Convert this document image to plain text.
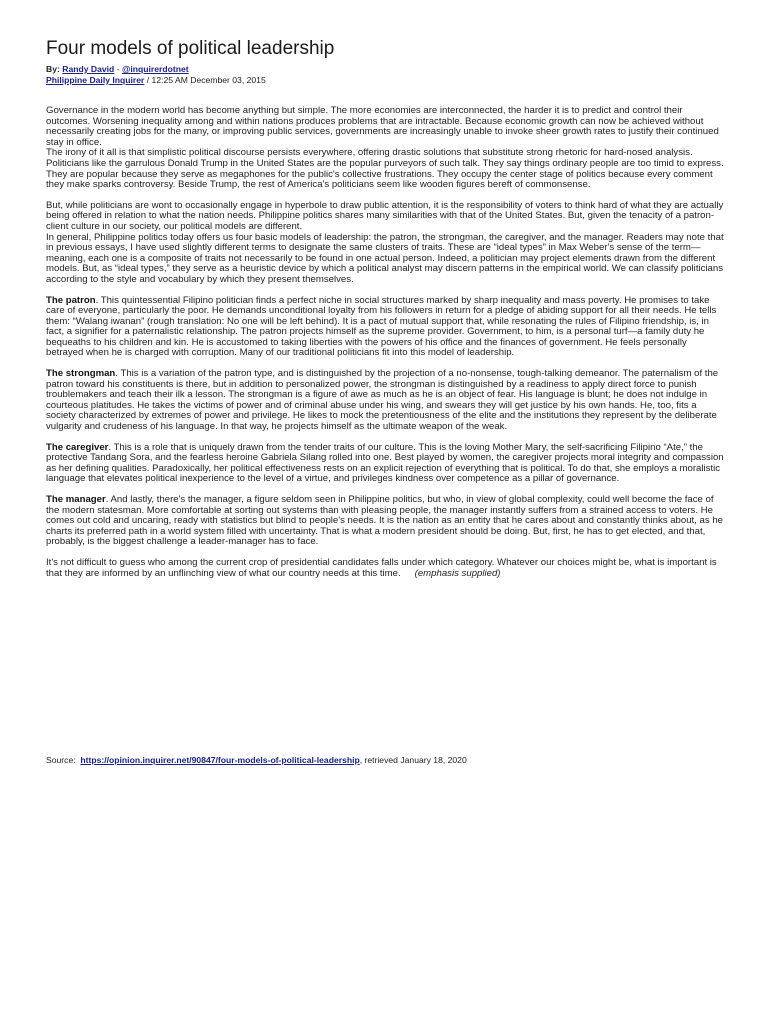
Four models of political leadership

By: Randy David - @inquirerdotnet

Philippine Daily Inquirer / 12:25 AM December 03, 2015

Governance in the modern world has become anything but simple. The more economies are interconnected, the harder it is to predict and control their outcomes. Worsening inequality among and within nations produces problems that are intractable. Because economic growth can now be achieved without necessarily creating jobs for the many, or improving public services, governments are increasingly unable to invoke sheer growth rates to justify their continued stay in office.

The irony of it all is that simplistic political discourse persists everywhere, offering drastic solutions that substitute strong rhetoric for hard-nosed analysis. Politicians like the garrulous Donald Trump in the United States are the popular purveyors of such talk. They say things ordinary people are too timid to express. They are popular because they serve as megaphones for the public's collective frustrations. They occupy the center stage of politics because every comment they make sparks controversy. Beside Trump, the rest of America's politicians seem like wooden figures bereft of commonsense.

But, while politicians are wont to occasionally engage in hyperbole to draw public attention, it is the responsibility of voters to think hard of what they are actually being offered in relation to what the nation needs. Philippine politics shares many similarities with that of the United States. But, given the tenacity of a patron-client culture in our society, our political models are different.

In general, Philippine politics today offers us four basic models of leadership: the patron, the strongman, the caregiver, and the manager. Readers may note that in previous essays, I have used slightly different terms to designate the same clusters of traits. These are “ideal types” in Max Weber's sense of the term—meaning, each one is a composite of traits not necessarily to be found in one actual person. Indeed, a politician may project elements drawn from the different models. But, as “ideal types,” they serve as a heuristic device by which a political analyst may discern patterns in the empirical world. We can classify politicians according to the style and vocabulary by which they present themselves.

The patron. This quintessential Filipino politician finds a perfect niche in social structures marked by sharp inequality and mass poverty. He promises to take care of everyone, particularly the poor. He demands unconditional loyalty from his followers in return for a pledge of abiding support for all their needs. He tells them: “Walang iwanan” (rough translation: No one will be left behind). It is a pact of mutual support that, while resonating the rules of Filipino friendship, is, in fact, a signifier for a paternalistic relationship. The patron projects himself as the supreme provider. Government, to him, is a personal turf—a family duty he bequeaths to his children and kin. He is accustomed to taking liberties with the powers of his office and the finances of government. He feels personally betrayed when he is charged with corruption. Many of our traditional politicians fit into this model of leadership.

The strongman. This is a variation of the patron type, and is distinguished by the projection of a no-nonsense, tough-talking demeanor. The paternalism of the patron toward his constituents is there, but in addition to personalized power, the strongman is distinguished by a readiness to apply direct force to punish troublemakers and teach their ilk a lesson. The strongman is a figure of awe as much as he is an object of fear. His language is blunt; he does not indulge in courteous platitudes. He takes the victims of power and of criminal abuse under his wing, and swears they will get justice by his own hands. He, too, fits a society characterized by extremes of power and privilege. He likes to mock the pretentiousness of the elite and the institutions they represent by the deliberate vulgarity and crudeness of his language. In that way, he projects himself as the ultimate weapon of the weak.

The caregiver. This is a role that is uniquely drawn from the tender traits of our culture. This is the loving Mother Mary, the self-sacrificing Filipino “Ate,” the protective Tandang Sora, and the fearless heroine Gabriela Silang rolled into one. Best played by women, the caregiver projects moral integrity and compassion as her defining qualities. Paradoxically, her political effectiveness rests on an explicit rejection of everything that is political. To do that, she employs a moralistic language that elevates political inexperience to the level of a virtue, and privileges kindness over competence as a pillar of governance.

The manager. And lastly, there's the manager, a figure seldom seen in Philippine politics, but who, in view of global complexity, could well become the face of the modern statesman. More comfortable at sorting out systems than with pleasing people, the manager instantly suffers from a strained access to voters. He comes out cold and uncaring, ready with statistics but blind to people's needs. It is the nation as an entity that he cares about and constantly thinks about, as he charts its preferred path in a world system filled with uncertainty. That is what a modern president should be doing. But, first, he has to get elected, and that, probably, is the biggest challenge a leader-manager has to face.

It's not difficult to guess who among the current crop of presidential candidates falls under which category. Whatever our choices might be, what is important is that they are informed by an unflinching view of what our country needs at this time. (emphasis supplied)

Source: https://opinion.inquirer.net/90847/four-models-of-political-leadership, retrieved January 18, 2020
